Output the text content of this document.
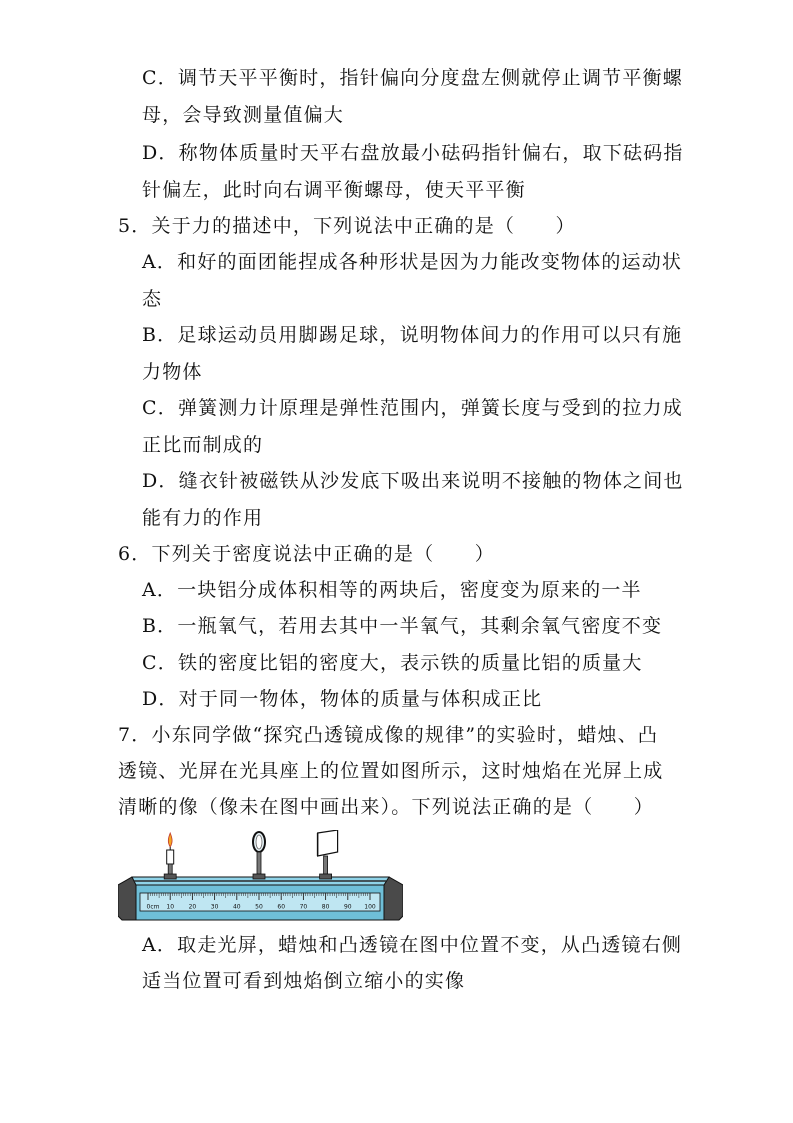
C．调节天平平衡时，指针偏向分度盘左侧就停止调节平衡螺
母，会导致测量值偏大
D．称物体质量时天平右盘放最小砝码指针偏右，取下砝码指
针偏左，此时向右调平衡螺母，使天平平衡
5．关于力的描述中，下列说法中正确的是（　　）
A．和好的面团能捏成各种形状是因为力能改变物体的运动状
态
B．足球运动员用脚踢足球，说明物体间力的作用可以只有施
力物体
C．弹簧测力计原理是弹性范围内，弹簧长度与受到的拉力成
正比而制成的
D．缝衣针被磁铁从沙发底下吸出来说明不接触的物体之间也
能有力的作用
6．下列关于密度说法中正确的是（　　）
A．一块铝分成体积相等的两块后，密度变为原来的一半
B．一瓶氧气，若用去其中一半氧气，其剩余氧气密度不变
C．铁的密度比铝的密度大，表示铁的质量比铝的质量大
D．对于同一物体，物体的质量与体积成正比
7．小东同学做“探究凸透镜成像的规律”的实验时，蜡烛、凸
透镜、光屏在光具座上的位置如图所示，这时烛焰在光屏上成
清晰的像（像未在图中画出来）。下列说法正确的是（　　）
0cm 10 20 30 40 50 60 70 80 90 100
A．取走光屏，蜡烛和凸透镜在图中位置不变，从凸透镜右侧
适当位置可看到烛焰倒立缩小的实像
